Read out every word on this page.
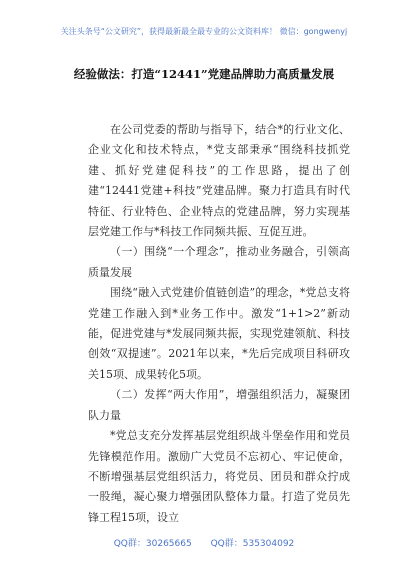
关注头条号“公文研究”，获得最新最全最专业的公文资料库！ 微信：gongwenyj
经验做法：打造“12441”党建品牌助力高质量发展

在公司党委的帮助与指导下，结合*的行业文化、企业文化和技术特点，*党支部秉承“围绕科技抓党建、抓好党建促科技”的工作思路，提出了创建“12441党建+科技”党建品牌。聚力打造具有时代特征、行业特色、企业特点的党建品牌，努力实现基层党建工作与*科技工作同频共振、互促互进。

（一）围绕“一个理念”，推动业务融合，引领高质量发展

围绕“融入式党建价值链创造”的理念，*党总支将党建工作融入到*业务工作中。激发“1+1>2”新动能，促进党建与*发展同频共振，实现党建领航、科技创效“双提速”。2021年以来，*先后完成项目科研攻关15项、成果转化5项。

（二）发挥“两大作用”，增强组织活力，凝聚团队力量

*党总支充分发挥基层党组织战斗堡垒作用和党员先锋模范作用。激励广大党员不忘初心、牢记使命，不断增强基层党组织活力，将党员、团员和群众拧成一股绳，凝心聚力增强团队整体力量。打造了党员先锋工程15项，设立

QQ群：30265665 QQ群：535304092
